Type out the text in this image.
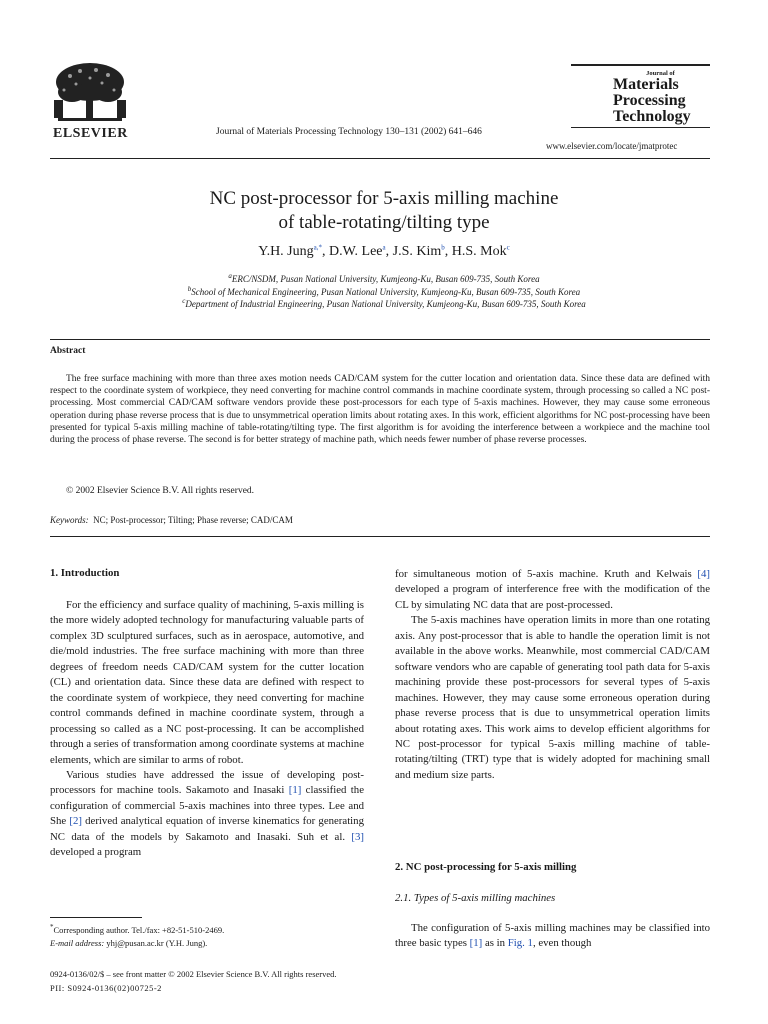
ELSEVIER	Journal of Materials Processing Technology 130–131 (2002) 641–646
Journal of
Materials
Processing
Technology
www.elsevier.com/locate/jmatprotec
NC post-processor for 5-axis milling machine
of table-rotating/tilting type
Y.H. Jung$^{a,*}$, D.W. Lee$^a$, J.S. Kim$^b$, H.S. Mok$^c$
$^a$ERC/NSDM, Pusan National University, Kumjeong-Ku, Busan 609-735, South Korea
$^b$School of Mechanical Engineering, Pusan National University, Kumjeong-Ku, Busan 609-735, South Korea
$^c$Department of Industrial Engineering, Pusan National University, Kumjeong-Ku, Busan 609-735, South Korea
Abstract
The free surface machining with more than three axes motion needs CAD/CAM system for the cutter location and orientation data. Since these data are defined with respect to the coordinate system of workpiece, they need converting for machine control commands in machine coordinate system, through processing so called a NC post-processing. Most commercial CAD/CAM software vendors provide these post-processors for each type of 5-axis machines. However, they may cause some erroneous operation during phase reverse process that is due to unsymmetrical operation limits about rotating axes. In this work, efficient algorithms for NC post-processing have been presented for typical 5-axis milling machine of table-rotating/tilting type. The first algorithm is for avoiding the interference between a workpiece and the machine tool during the process of phase reverse. The second is for better strategy of machine path, which needs fewer number of phase reverse processes.
© 2002 Elsevier Science B.V. All rights reserved.
Keywords: NC; Post-processor; Tilting; Phase reverse; CAD/CAM
1. Introduction

For the efficiency and surface quality of machining, 5-axis milling is the more widely adopted technology for manufacturing valuable parts of complex 3D sculptured surfaces, such as in aerospace, automotive, and die/mold industries. The free surface machining with more than three degrees of freedom needs CAD/CAM system for the cutter location (CL) and orientation data. Since these data are defined with respect to the coordinate system of workpiece, they need converting for machine control commands defined in machine coordinate system, through a processing so called as a NC post-processing. It can be accomplished through a series of transformation among coordinate systems at machine elements, which are similar to arms of robot.

Various studies have addressed the issue of developing post-processors for machine tools. Sakamoto and Inasaki [1] classified the configuration of commercial 5-axis machines into three types. Lee and She [2] derived analytical equation of inverse kinematics for generating NC data of the models by Sakamoto and Inasaki. Suh et al. [3] developed a program

for simultaneous motion of 5-axis machine. Kruth and Kelwais [4] developed a program of interference free with the modification of the CL by simulating NC data that are post-processed.

The 5-axis machines have operation limits in more than one rotating axis. Any post-processor that is able to handle the operation limit is not available in the above works. Meanwhile, most commercial CAD/CAM software vendors who are capable of generating tool path data for 5-axis machining provide these post-processors for several types of 5-axis machines. However, they may cause some erroneous operation during phase reverse process that is due to unsymmetrical operation limits about rotating axes. This work aims to develop efficient algorithms for NC post-processor for typical 5-axis milling machine of table-rotating/tilting (TRT) type that is widely adopted for machining small and medium size parts.

2. NC post-processing for 5-axis milling
2.1. Types of 5-axis milling machines

The configuration of 5-axis milling machines may be classified into three basic types [1] as in Fig. 1, even though

*Corresponding author. Tel./fax: +82-51-510-2469.
E-mail address: yhj@pusan.ac.kr (Y.H. Jung).
0924-0136/02/$ – see front matter © 2002 Elsevier Science B.V. All rights reserved.
PII: S0924-0136(02)00725-2
